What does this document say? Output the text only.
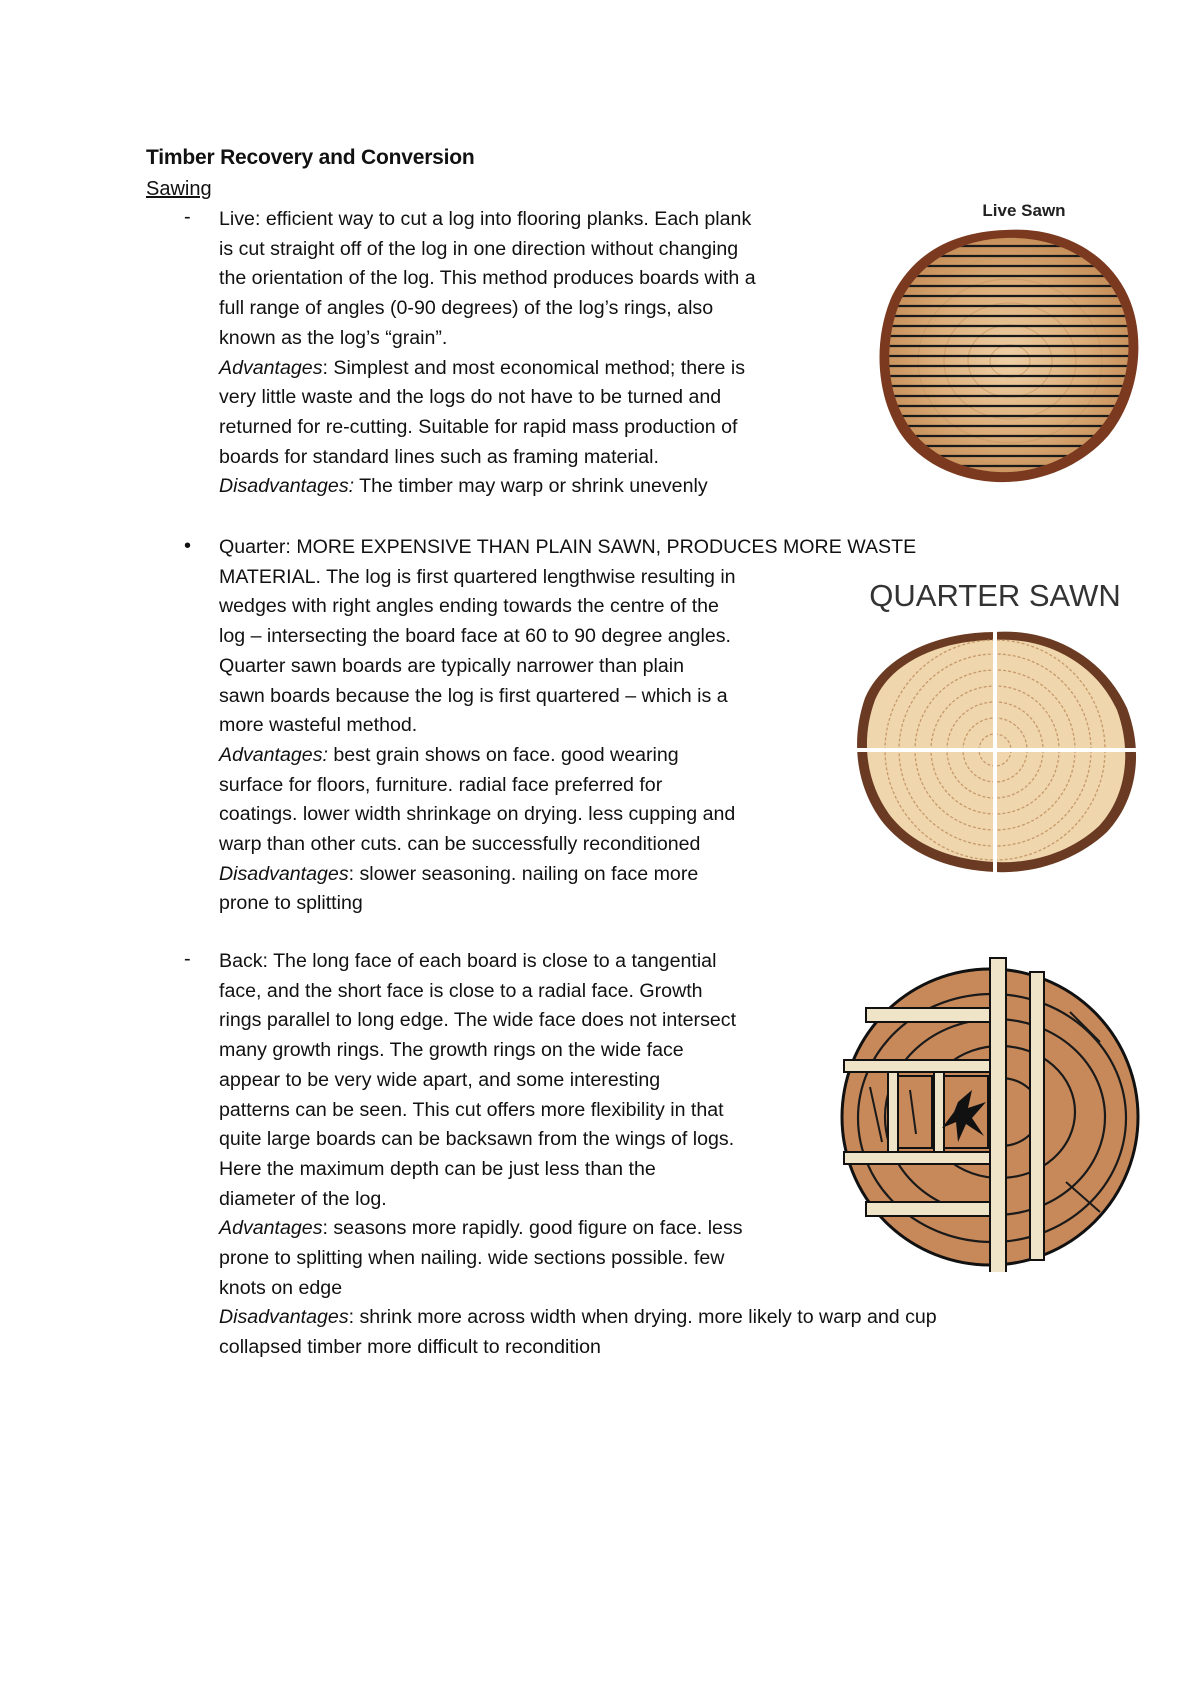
Timber Recovery and Conversion
Sawing
- Live: efficient way to cut a log into flooring planks. Each plank

is cut straight off of the log in one direction without changing

the orientation of the log. This method produces boards with a

full range of angles (0-90 degrees) of the log’s rings, also

known as the log’s “grain”.

Advantages: Simplest and most economical method; there is

very little waste and the logs do not have to be turned and

returned for re-cutting. Suitable for rapid mass production of

boards for standard lines such as framing material.

Disadvantages: The timber may warp or shrink unevenly

Live Sawn
• Quarter: MORE EXPENSIVE THAN PLAIN SAWN, PRODUCES MORE WASTE

MATERIAL. The log is first quartered lengthwise resulting in

wedges with right angles ending towards the centre of the

log – intersecting the board face at 60 to 90 degree angles.

Quarter sawn boards are typically narrower than plain

sawn boards because the log is first quartered – which is a

more wasteful method.

Advantages: best grain shows on face. good wearing

surface for floors, furniture. radial face preferred for

coatings. lower width shrinkage on drying. less cupping and

warp than other cuts. can be successfully reconditioned

Disadvantages: slower seasoning. nailing on face more

prone to splitting

QUARTER SAWN
- Back: The long face of each board is close to a tangential

face, and the short face is close to a radial face. Growth

rings parallel to long edge. The wide face does not intersect

many growth rings. The growth rings on the wide face

appear to be very wide apart, and some interesting

patterns can be seen. This cut offers more flexibility in that

quite large boards can be backsawn from the wings of logs.

Here the maximum depth can be just less than the

diameter of the log.

Advantages: seasons more rapidly. good figure on face. less

prone to splitting when nailing. wide sections possible. few

knots on edge

Disadvantages: shrink more across width when drying. more likely to warp and cup

collapsed timber more difficult to recondition
